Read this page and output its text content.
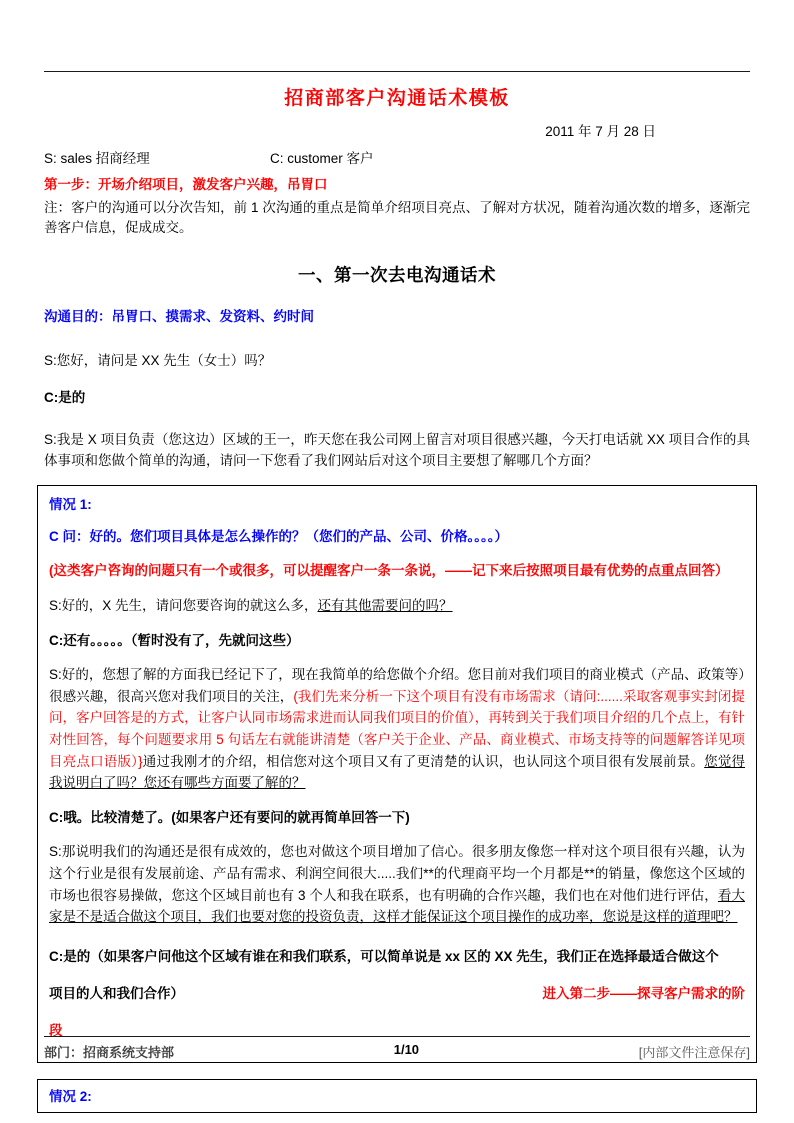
招商部客户沟通话术模板
2011 年 7 月 28 日
S: sales 招商经理	C: customer 客户
第一步：开场介绍项目，激发客户兴趣，吊胃口
注：客户的沟通可以分次告知，前 1 次沟通的重点是简单介绍项目亮点、了解对方状况，随着沟通次数的增多，逐渐完善客户信息，促成成交。
一、第一次去电沟通话术
沟通目的：吊胃口、摸需求、发资料、约时间
S:您好，请问是 XX 先生（女士）吗？
C:是的
S:我是 X 项目负责（您这边）区域的王一，昨天您在我公司网上留言对项目很感兴趣，今天打电话就 XX 项目合作的具体事项和您做个简单的沟通，请问一下您看了我们网站后对这个项目主要想了解哪几个方面？
情况 1:
C 问：好的。您们项目具体是怎么操作的？（您们的产品、公司、价格。。。。）
(这类客户咨询的问题只有一个或很多，可以提醒客户一条一条说，——记下来后按照项目最有优势的点重点回答）
S:好的，X 先生，请问您要咨询的就这么多，还有其他需要问的吗？
C:还有。。。。。（暂时没有了，先就问这些）
S:好的，您想了解的方面我已经记下了，现在我简单的给您做个介绍。您目前对我们项目的商业模式（产品、政策等）很感兴趣，很高兴您对我们项目的关注，(我们先来分析一下这个项目有没有市场需求（请问:......采取客观事实封闭提问，客户回答是的方式，让客户认同市场需求进而认同我们项目的价值），再转到关于我们项目介绍的几个点上，有针对性回答，每个问题要求用 5 句话左右就能讲清楚（客户关于企业、产品、商业模式、市场支持等的问题解答详见项目亮点口语版）}通过我刚才的介绍，相信您对这个项目又有了更清楚的认识，也认同这个项目很有发展前景。您觉得我说明白了吗？您还有哪些方面要了解的？
C:哦。比较清楚了。(如果客户还有要问的就再简单回答一下)
S:那说明我们的沟通还是很有成效的，您也对做这个项目增加了信心。很多朋友像您一样对这个项目很有兴趣，认为这个行业是很有发展前途、产品有需求、利润空间很大.....我们**的代理商平均一个月都是**的销量，像您这个区域的市场也很容易操做，您这个区域目前也有 3 个人和我在联系，也有明确的合作兴趣，我们也在对他们进行评估，看大家是不是适合做这个项目，我们也要对您的投资负责，这样才能保证这个项目操作的成功率，您说是这样的道理吧？
C:是的（如果客户问他这个区域有谁在和我们联系，可以简单说是 xx 区的 XX 先生，我们正在选择最适合做这个
项目的人和我们合作）	进入第二步——探寻客户需求的阶
段
情况 2:
部门：招商系统支持部	1/10	[内部文件注意保存]
